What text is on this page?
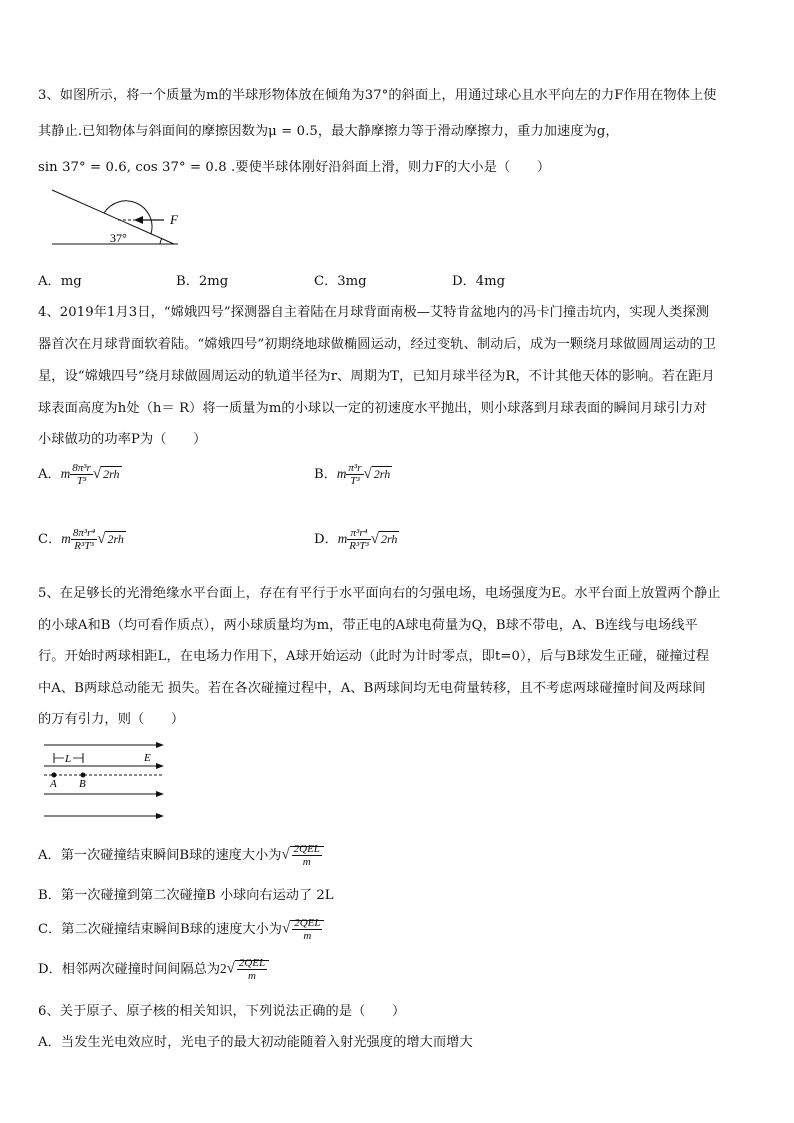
3、如图所示，将一个质量为m的半球形物体放在倾角为37°的斜面上，用通过球心且水平向左的力F作用在物体上使
其静止.已知物体与斜面间的摩擦因数为μ = 0.5，最大静摩擦力等于滑动摩擦力，重力加速度为g，
sin 37° = 0.6, cos 37° = 0.8 .要使半球体刚好沿斜面上滑，则力F的大小是（　　）
F
37°
A．mg	B．2mg	C．3mg	D．4mg
4、2019年1月3日，“嫦娥四号”探测器自主着陆在月球背面南极—艾特肯盆地内的冯卡门撞击坑内，实现人类探测
器首次在月球背面软着陆。“嫦娥四号”初期绕地球做椭圆运动，经过变轨、制动后，成为一颗绕月球做圆周运动的卫
星，设“嫦娥四号”绕月球做圆周运动的轨道半径为r、周期为T，已知月球半径为R，不计其他天体的影响。若在距月
球表面高度为h处（h＝ R）将一质量为m的小球以一定的初速度水平抛出，则小球落到月球表面的瞬间月球引力对
小球做功的功率P为（　　）
A．m $\frac{\text{8π³r}}{\text{T³}}$ √ 2rh	B．m $\frac{\text{π³r}}{\text{T³}}$ √ 2rh
C．m $\frac{\text{8π³r⁴}}{\text{R³T³}}$ √ 2rh	D．m $\frac{\text{π³r⁴}}{\text{R³T³}}$ √ 2rh
5、在足够长的光滑绝缘水平台面上，存在有平行于水平面向右的匀强电场，电场强度为E。水平台面上放置两个静止
的小球A和B（均可看作质点），两小球质量均为m，带正电的A球电荷量为Q，B球不带电，A、B连线与电场线平
行。开始时两球相距L，在电场力作用下，A球开始运动（此时为计时零点，即t=0），后与B球发生正碰，碰撞过程
中A、B两球总动能无 损失。若在各次碰撞过程中，A、B两球间均无电荷量转移，且不考虑两球碰撞时间及两球间
的万有引力，则（　　）
L	E
A B
A．第一次碰撞结束瞬间B球的速度大小为√ $\frac{\text{2QEL}}{m}$
B．第一次碰撞到第二次碰撞B 小球向右运动了 2L
C．第二次碰撞结束瞬间B球的速度大小为√ $\frac{\text{2QEL}}{m}$
D．相邻两次碰撞时间间隔总为$2√ \frac{\text{2QEL}}{m}$
6、关于原子、原子核的相关知识，下列说法正确的是（　　）
A．当发生光电效应时，光电子的最大初动能随着入射光强度的增大而增大
